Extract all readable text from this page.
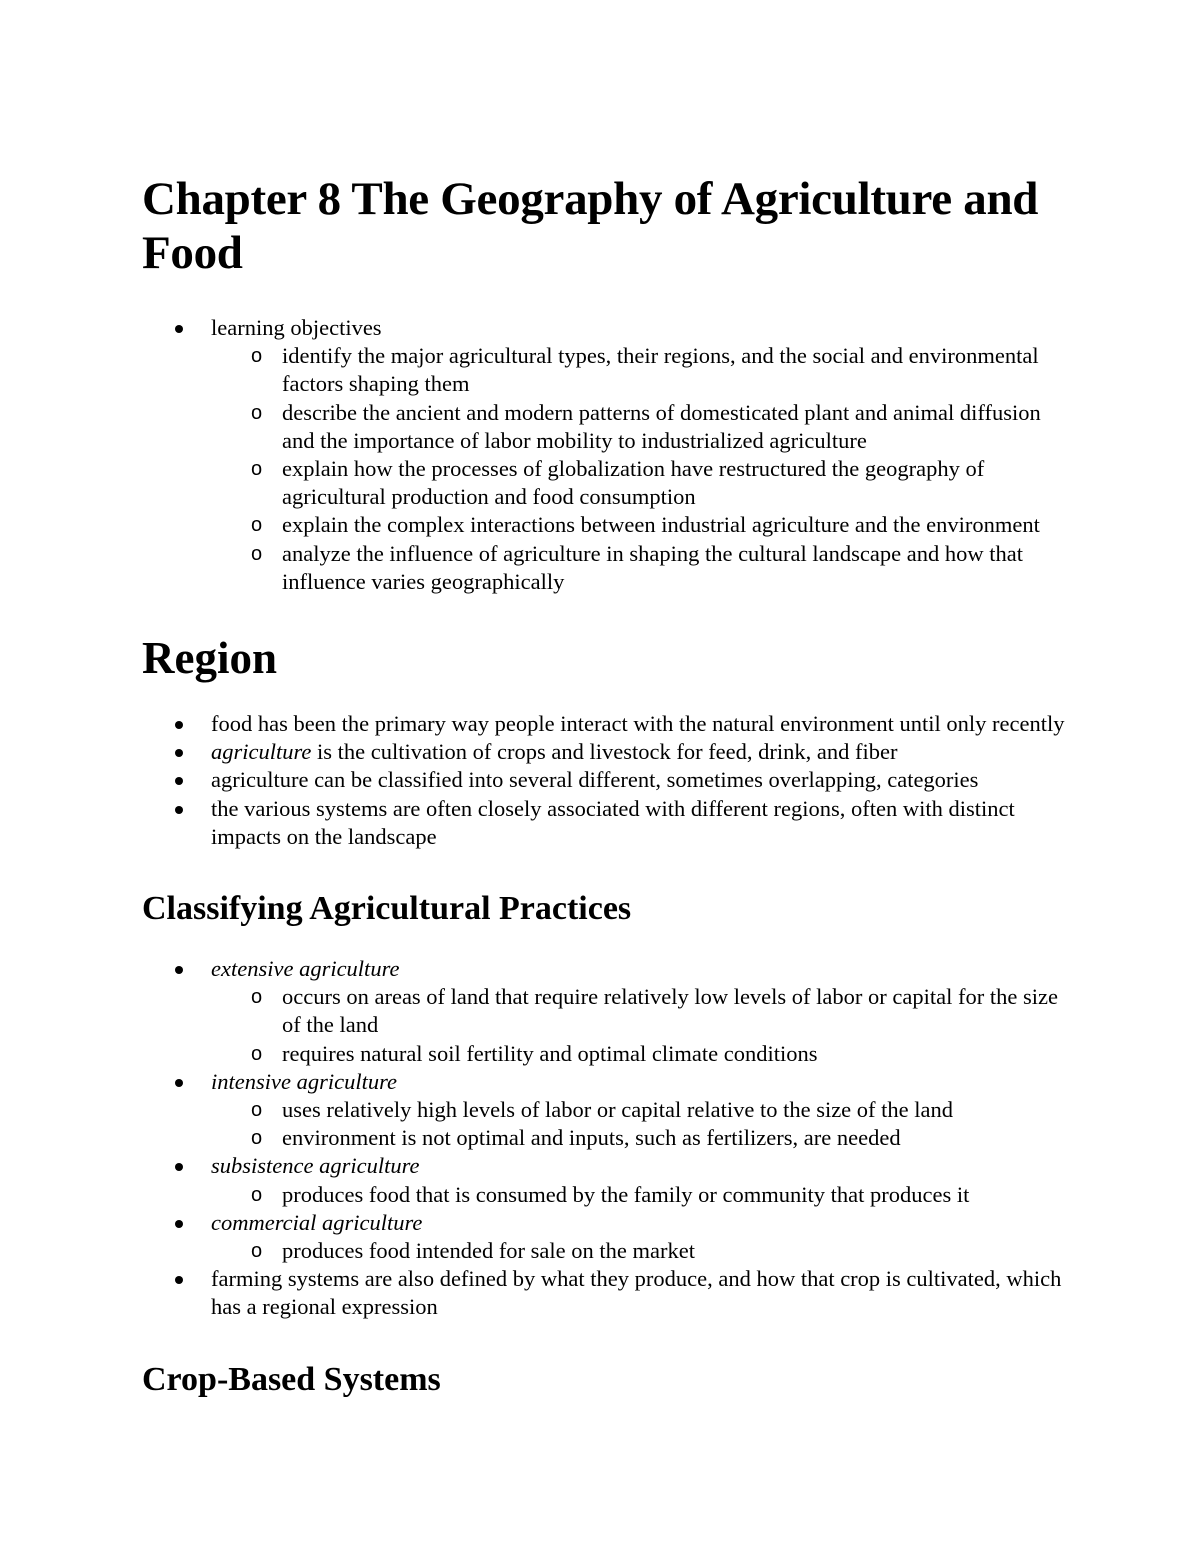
Chapter 8 The Geography of Agriculture and Food
learning objectives
o identify the major agricultural types, their regions, and the social and environmental factors shaping them
o describe the ancient and modern patterns of domesticated plant and animal diffusion and the importance of labor mobility to industrialized agriculture
o explain how the processes of globalization have restructured the geography of agricultural production and food consumption
o explain the complex interactions between industrial agriculture and the environment
o analyze the influence of agriculture in shaping the cultural landscape and how that influence varies geographically
Region
food has been the primary way people interact with the natural environment until only recently
agriculture is the cultivation of crops and livestock for feed, drink, and fiber
agriculture can be classified into several different, sometimes overlapping, categories
the various systems are often closely associated with different regions, often with distinct impacts on the landscape
Classifying Agricultural Practices
extensive agriculture
o occurs on areas of land that require relatively low levels of labor or capital for the size of the land
o requires natural soil fertility and optimal climate conditions
intensive agriculture
o uses relatively high levels of labor or capital relative to the size of the land
o environment is not optimal and inputs, such as fertilizers, are needed
subsistence agriculture
o produces food that is consumed by the family or community that produces it
commercial agriculture
o produces food intended for sale on the market
farming systems are also defined by what they produce, and how that crop is cultivated, which has a regional expression
Crop-Based Systems
